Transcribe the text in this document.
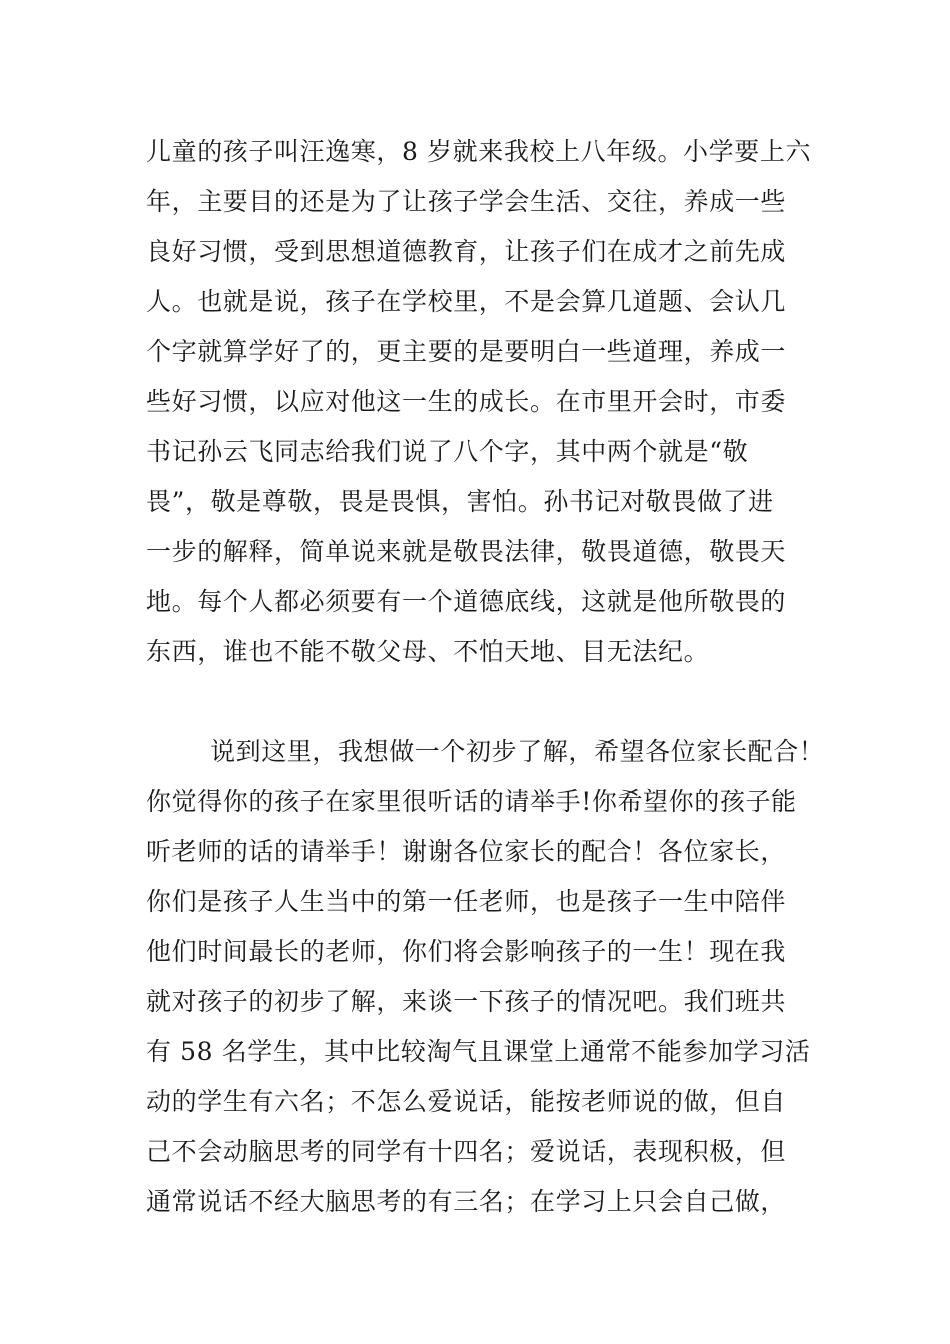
儿童的孩子叫汪逸寒，8 岁就来我校上八年级。小学要上六
年，主要目的还是为了让孩子学会生活、交往，养成一些
良好习惯，受到思想道德教育，让孩子们在成才之前先成
人。也就是说，孩子在学校里，不是会算几道题、会认几
个字就算学好了的，更主要的是要明白一些道理，养成一
些好习惯，以应对他这一生的成长。在市里开会时，市委
书记孙云飞同志给我们说了八个字，其中两个就是“敬
畏”，敬是尊敬，畏是畏惧，害怕。孙书记对敬畏做了进
一步的解释，简单说来就是敬畏法律，敬畏道德，敬畏天
地。每个人都必须要有一个道德底线，这就是他所敬畏的
东西，谁也不能不敬父母、不怕天地、目无法纪。
说到这里，我想做一个初步了解，希望各位家长配合！
你觉得你的孩子在家里很听话的请举手!你希望你的孩子能
听老师的话的请举手！谢谢各位家长的配合！各位家长，
你们是孩子人生当中的第一任老师，也是孩子一生中陪伴
他们时间最长的老师，你们将会影响孩子的一生！现在我
就对孩子的初步了解，来谈一下孩子的情况吧。我们班共
有 58 名学生，其中比较淘气且课堂上通常不能参加学习活
动的学生有六名；不怎么爱说话，能按老师说的做，但自
己不会动脑思考的同学有十四名；爱说话，表现积极，但
通常说话不经大脑思考的有三名；在学习上只会自己做，
